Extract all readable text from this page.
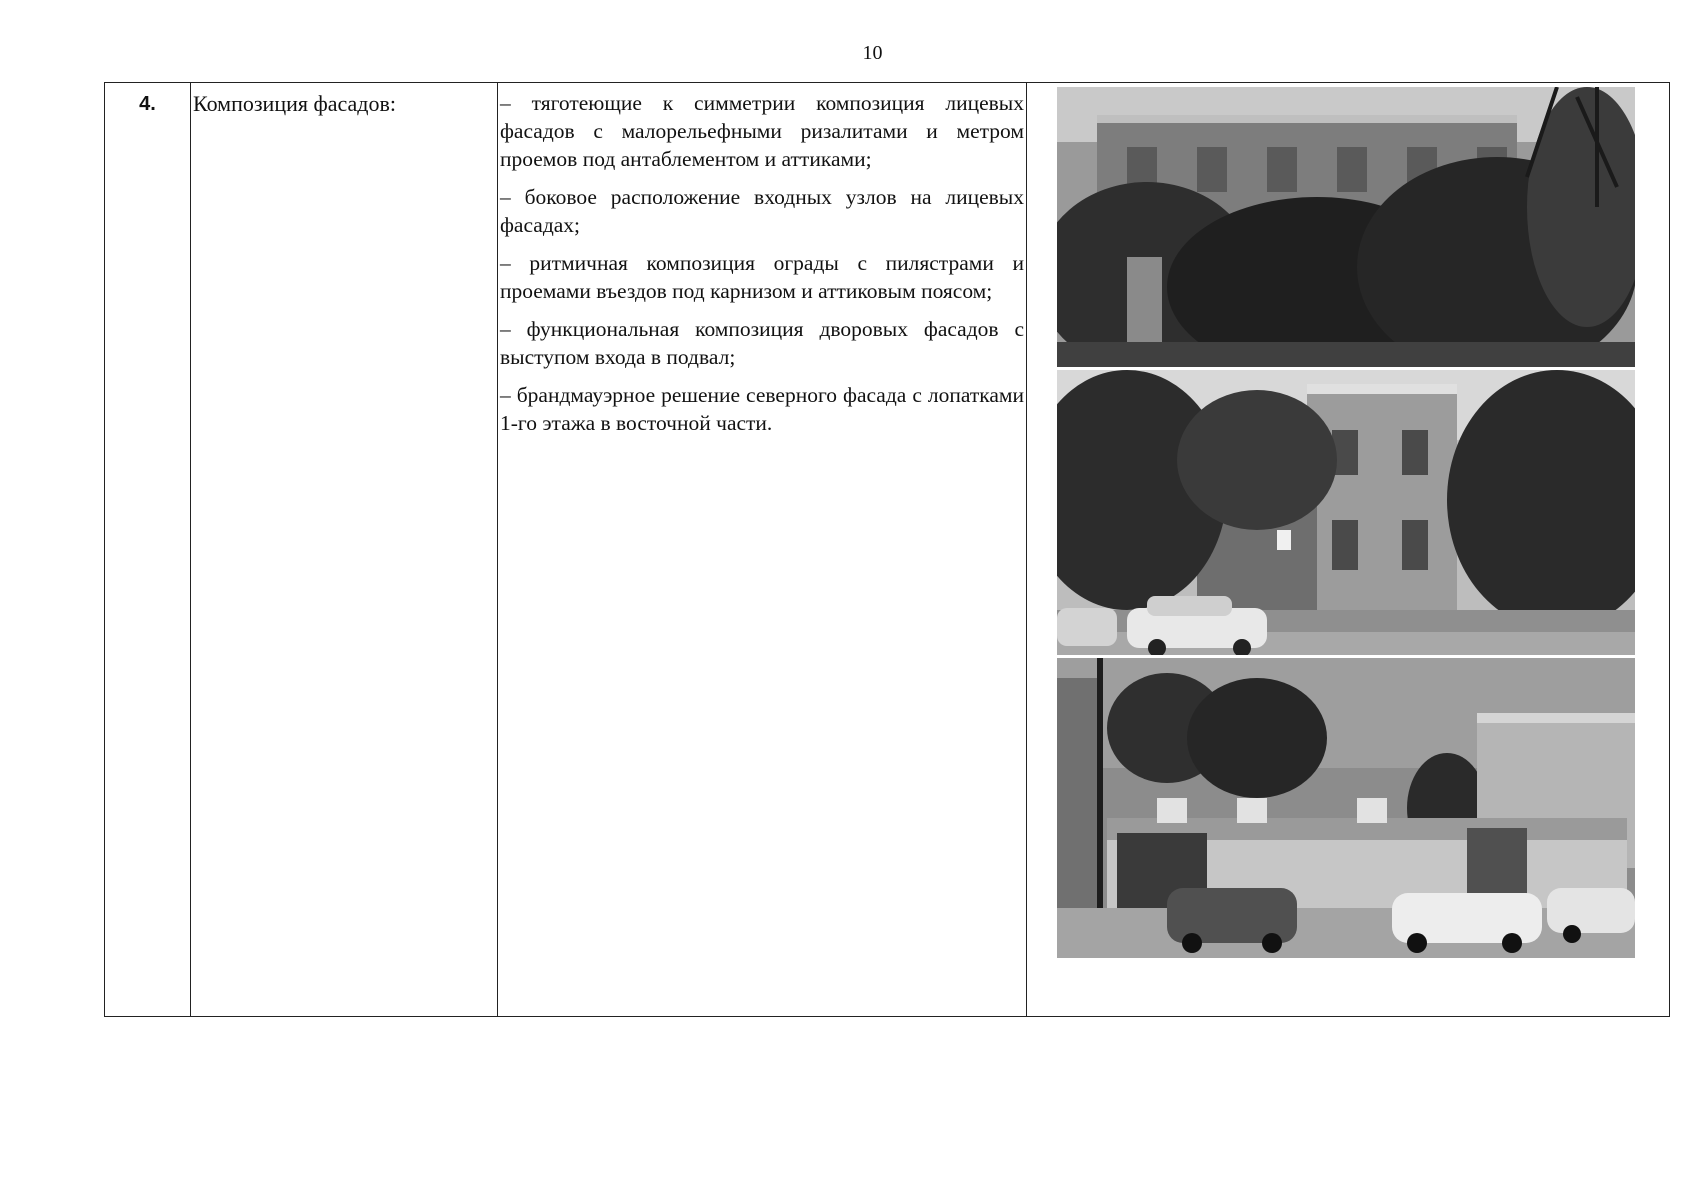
10
4.	Композиция фасадов:	– тяготеющие к симметрии композиция лицевых фасадов с малорельефными ризалитами и метром проемов под антаблементом и аттиками;

– боковое расположение входных узлов на лицевых фасадах;

– ритмичная композиция ограды с пилястрами и проемами въездов под карнизом и аттиковым поясом;

– функциональная композиция дворовых фасадов с выступом входа в подвал;

– брандмауэрное решение северного фасада с лопатками 1-го этажа в восточной части.
